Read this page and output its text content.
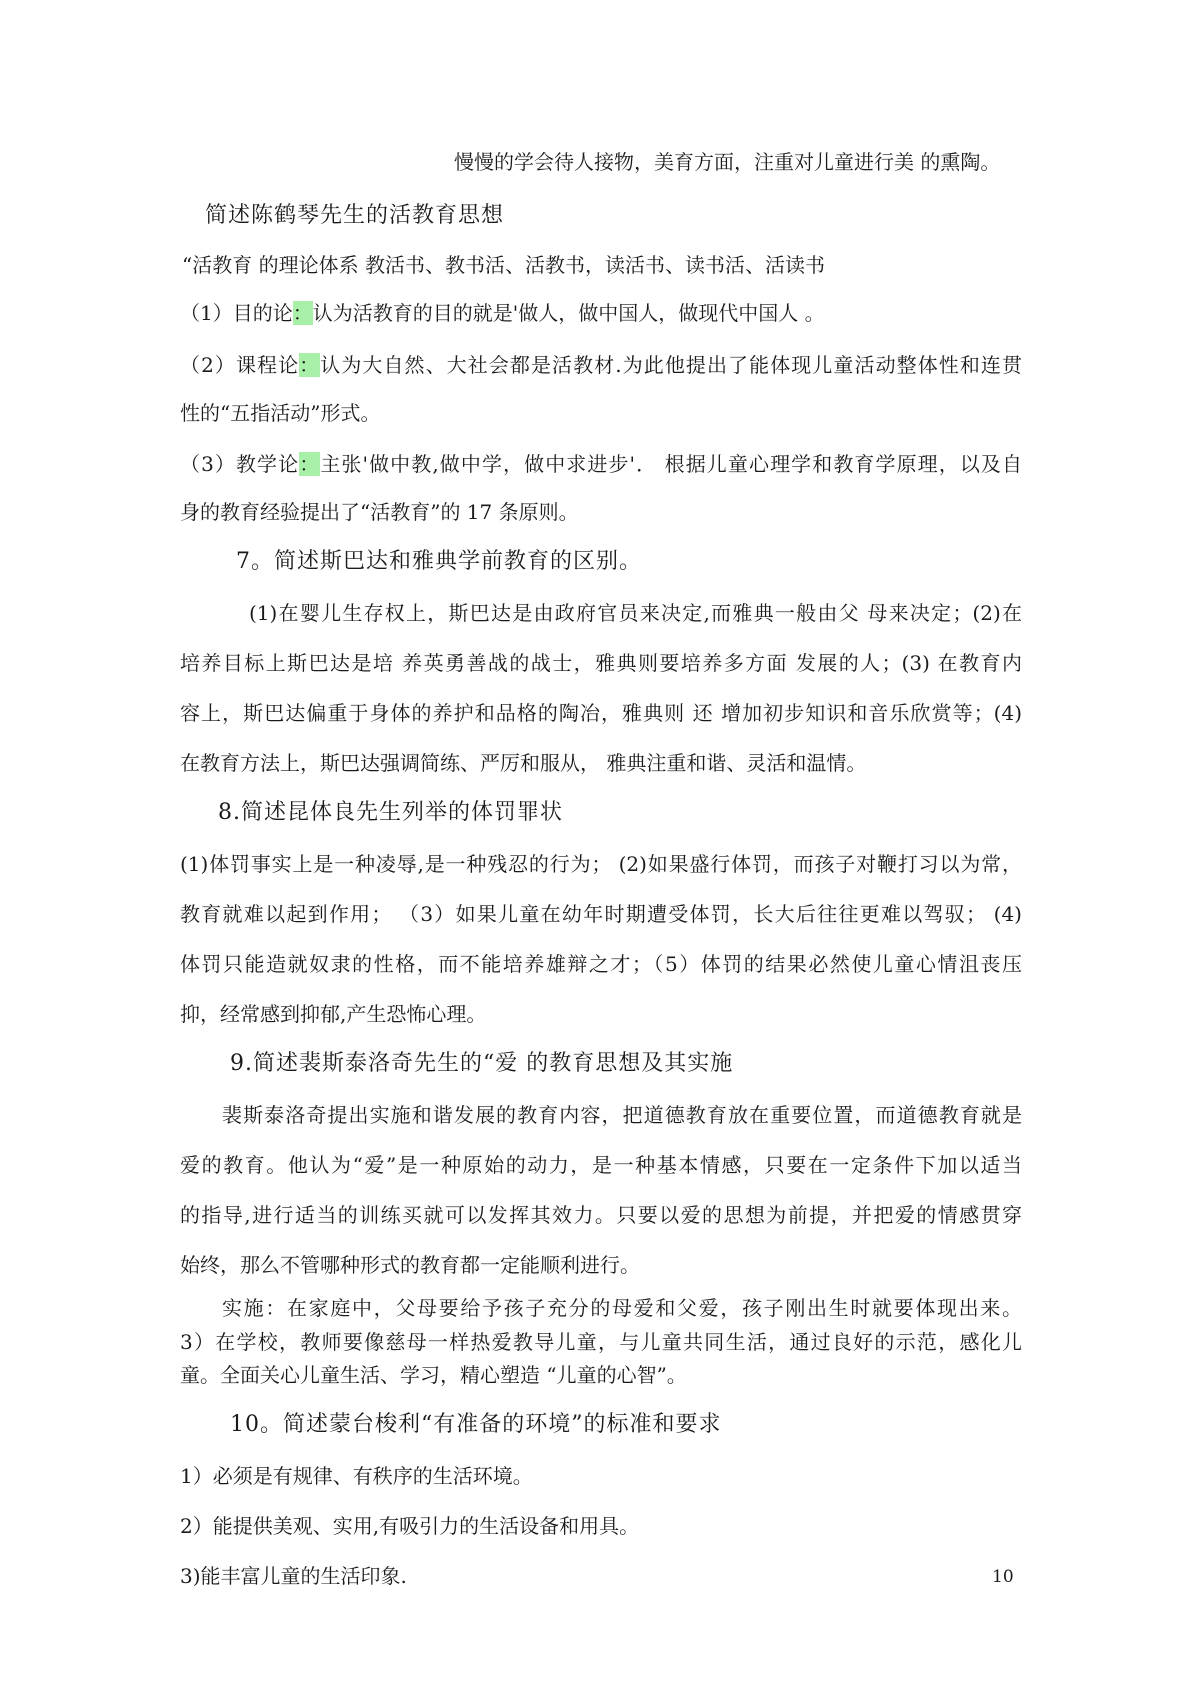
慢慢的学会待人接物，美育方面，注重对儿童进行美 的熏陶。

简述陈鹤琴先生的活教育思想

“活教育 的理论体系 教活书、教书活、活教书，读活书、读书活、活读书

（1）目的论：认为活教育的目的就是'做人，做中国人，做现代中国人 。

（2）课程论：认为大自然、大社会都是活教材.为此他提出了能体现儿童活动整体性和连贯

性的“五指活动”形式。

（3）教学论：主张'做中教,做中学，做中求进步'． 根据儿童心理学和教育学原理，以及自

身的教育经验提出了“活教育”的 17 条原则。

7。简述斯巴达和雅典学前教育的区别。

(1)在婴儿生存权上，斯巴达是由政府官员来决定,而雅典一般由父 母来决定；(2)在

培养目标上斯巴达是培 养英勇善战的战士，雅典则要培养多方面 发展的人；(3) 在教育内

容上，斯巴达偏重于身体的养护和品格的陶冶，雅典则 还 增加初步知识和音乐欣赏等；(4)

在教育方法上，斯巴达强调简练、严厉和服从， 雅典注重和谐、灵活和温情。

8.简述昆体良先生列举的体罚罪状

(1)体罚事实上是一种凌辱,是一种残忍的行为； (2)如果盛行体罚，而孩子对鞭打习以为常，

教育就难以起到作用； （3）如果儿童在幼年时期遭受体罚，长大后往往更难以驾驭； (4)

体罚只能造就奴隶的性格，而不能培养雄辩之才；（5）体罚的结果必然使儿童心情沮丧压

抑，经常感到抑郁,产生恐怖心理。

9.简述裴斯泰洛奇先生的“爱 的教育思想及其实施

裴斯泰洛奇提出实施和谐发展的教育内容，把道德教育放在重要位置，而道德教育就是

爱的教育。他认为“爱”是一种原始的动力，是一种基本情感，只要在一定条件下加以适当

的指导,进行适当的训练买就可以发挥其效力。只要以爱的思想为前提，并把爱的情感贯穿

始终，那么不管哪种形式的教育都一定能顺利进行。

实施：在家庭中，父母要给予孩子充分的母爱和父爱，孩子刚出生时就要体现出来。

3）在学校，教师要像慈母一样热爱教导儿童，与儿童共同生活，通过良好的示范，感化儿

童。全面关心儿童生活、学习，精心塑造 “儿童的心智”。

10。简述蒙台梭利“有准备的环境”的标准和要求

1）必须是有规律、有秩序的生活环境。

2）能提供美观、实用,有吸引力的生活设备和用具。

3)能丰富儿童的生活印象.	10
